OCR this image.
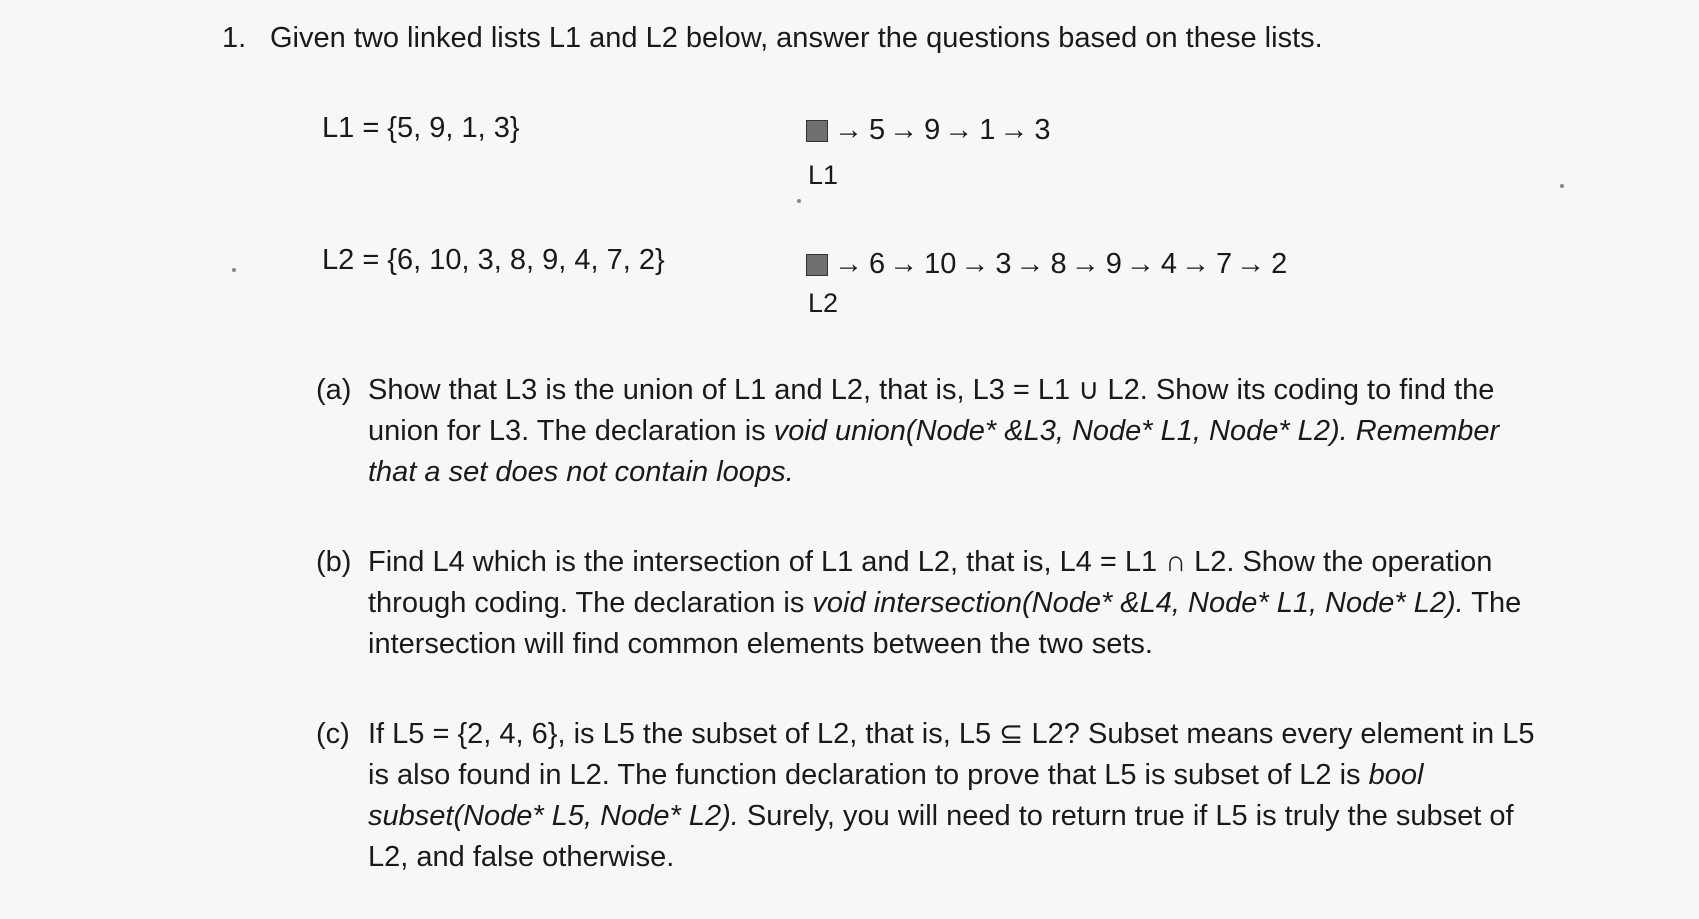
1. Given two linked lists L1 and L2 below, answer the questions based on these lists.
L1 = {5, 9, 1, 3}	→ 5 → 9 → 1 → 3
L1
L2 = {6, 10, 3, 8, 9, 4, 7, 2}	→ 6 → 10 → 3 → 8 → 9 → 4 → 7 → 2
L2
(a) Show that L3 is the union of L1 and L2, that is, L3 = L1 ∪ L2. Show its coding to find the union for L3. The declaration is void union(Node* &L3, Node* L1, Node* L2). Remember that a set does not contain loops.
(b) Find L4 which is the intersection of L1 and L2, that is, L4 = L1 ∩ L2. Show the operation through coding. The declaration is void intersection(Node* &L4, Node* L1, Node* L2). The intersection will find common elements between the two sets.
(c) If L5 = {2, 4, 6}, is L5 the subset of L2, that is, L5 ⊆ L2? Subset means every element in L5 is also found in L2. The function declaration to prove that L5 is subset of L2 is bool subset(Node* L5, Node* L2). Surely, you will need to return true if L5 is truly the subset of L2, and false otherwise.
